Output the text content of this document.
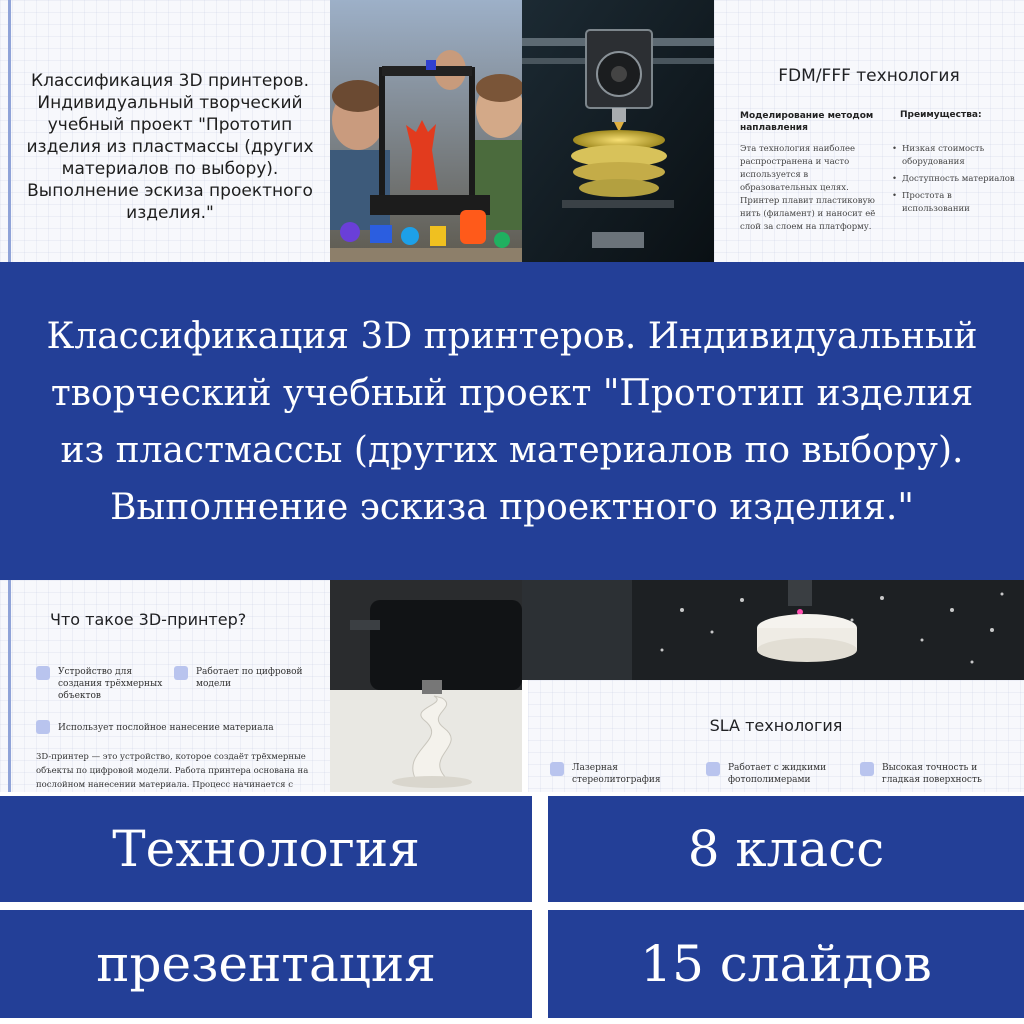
Классификация 3D принтеров. Индивидуальный творческий учебный проект "Прототип изделия из пластмассы (других материалов по выбору). Выполнение эскиза проектного изделия."
FDM/FFF технология
Моделирование методом наплавления
Эта технология наиболее распространена и часто используется в образовательных целях. Принтер плавит пластиковую нить (филамент) и наносит её слой за слоем на платформу.
Преимущества:
• Низкая стоимость оборудования
• Доступность материалов
• Простота в использовании
Классификация 3D принтеров. Индивидуальный творческий учебный проект "Прототип изделия из пластмассы (других материалов по выбору). Выполнение эскиза проектного изделия."
Что такое 3D-принтер?
Устройство для создания трёхмерных объектов
Работает по цифровой модели
Использует послойное нанесение материала
3D-принтер — это устройство, которое создаёт трёхмерные объекты по цифровой модели. Работа принтера основана на послойном нанесении материала. Процесс начинается с
SLA технология
Лазерная стереолитография
Работает с жидкими фотополимерами
Высокая точность и гладкая поверхность
Технология	8 класс
презентация	15 слайдов
